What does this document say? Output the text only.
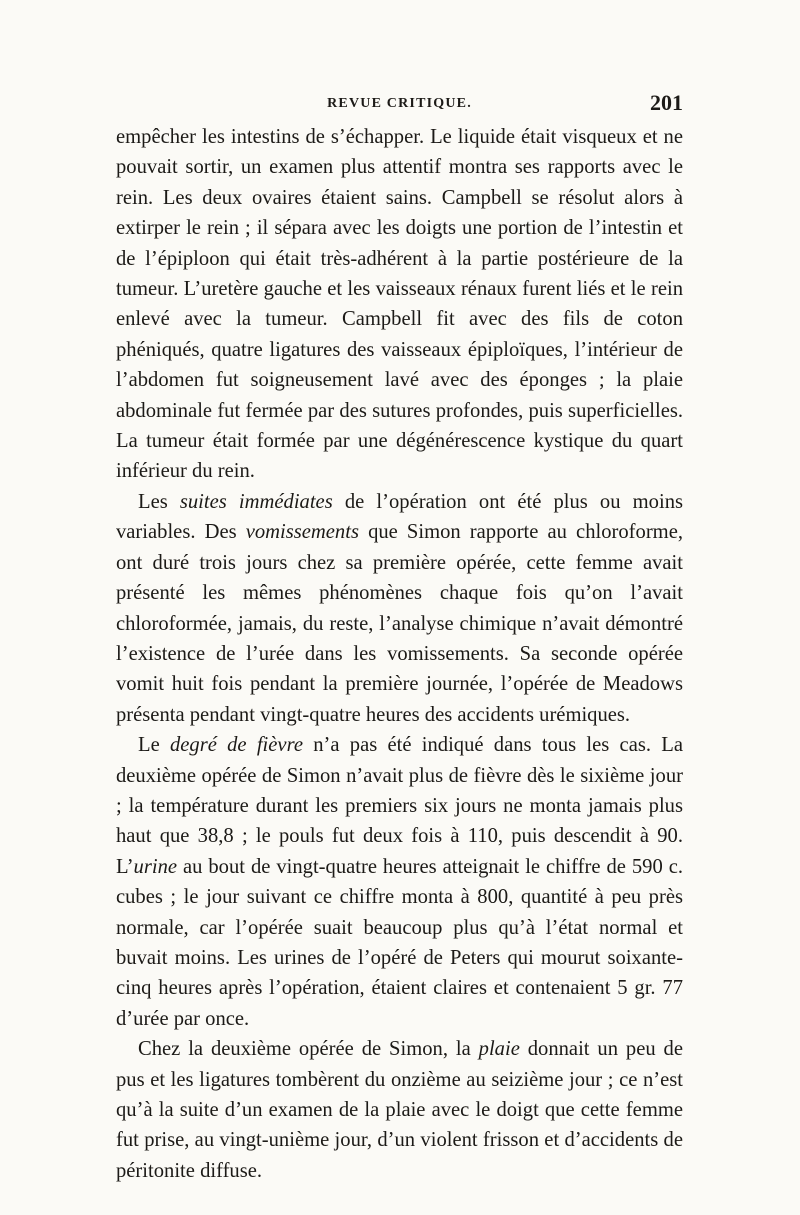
REVUE CRITIQUE.	201

empêcher les intestins de s’échapper. Le liquide était visqueux et ne pouvait sortir, un examen plus attentif montra ses rapports avec le rein. Les deux ovaires étaient sains. Campbell se résolut alors à extirper le rein ; il sépara avec les doigts une portion de l’intestin et de l’épiploon qui était très-adhérent à la partie postérieure de la tumeur. L’uretère gauche et les vaisseaux rénaux furent liés et le rein enlevé avec la tumeur. Campbell fit avec des fils de coton phéniqués, quatre ligatures des vaisseaux épiploïques, l’intérieur de l’abdomen fut soigneusement lavé avec des éponges ; la plaie abdominale fut fermée par des sutures profondes, puis superficielles. La tumeur était formée par une dégénérescence kystique du quart inférieur du rein.

Les suites immédiates de l’opération ont été plus ou moins variables. Des vomissements que Simon rapporte au chloroforme, ont duré trois jours chez sa première opérée, cette femme avait présenté les mêmes phénomènes chaque fois qu’on l’avait chloroformée, jamais, du reste, l’analyse chimique n’avait démontré l’existence de l’urée dans les vomissements. Sa seconde opérée vomit huit fois pendant la première journée, l’opérée de Meadows présenta pendant vingt-quatre heures des accidents urémiques.

Le degré de fièvre n’a pas été indiqué dans tous les cas. La deuxième opérée de Simon n’avait plus de fièvre dès le sixième jour ; la température durant les premiers six jours ne monta jamais plus haut que 38,8 ; le pouls fut deux fois à 110, puis descendit à 90. L’urine au bout de vingt-quatre heures atteignait le chiffre de 590 c. cubes ; le jour suivant ce chiffre monta à 800, quantité à peu près normale, car l’opérée suait beaucoup plus qu’à l’état normal et buvait moins. Les urines de l’opéré de Peters qui mourut soixante-cinq heures après l’opération, étaient claires et contenaient 5 gr. 77 d’urée par once.

Chez la deuxième opérée de Simon, la plaie donnait un peu de pus et les ligatures tombèrent du onzième au seizième jour ; ce n’est qu’à la suite d’un examen de la plaie avec le doigt que cette femme fut prise, au vingt-unième jour, d’un violent frisson et d’accidents de péritonite diffuse.
